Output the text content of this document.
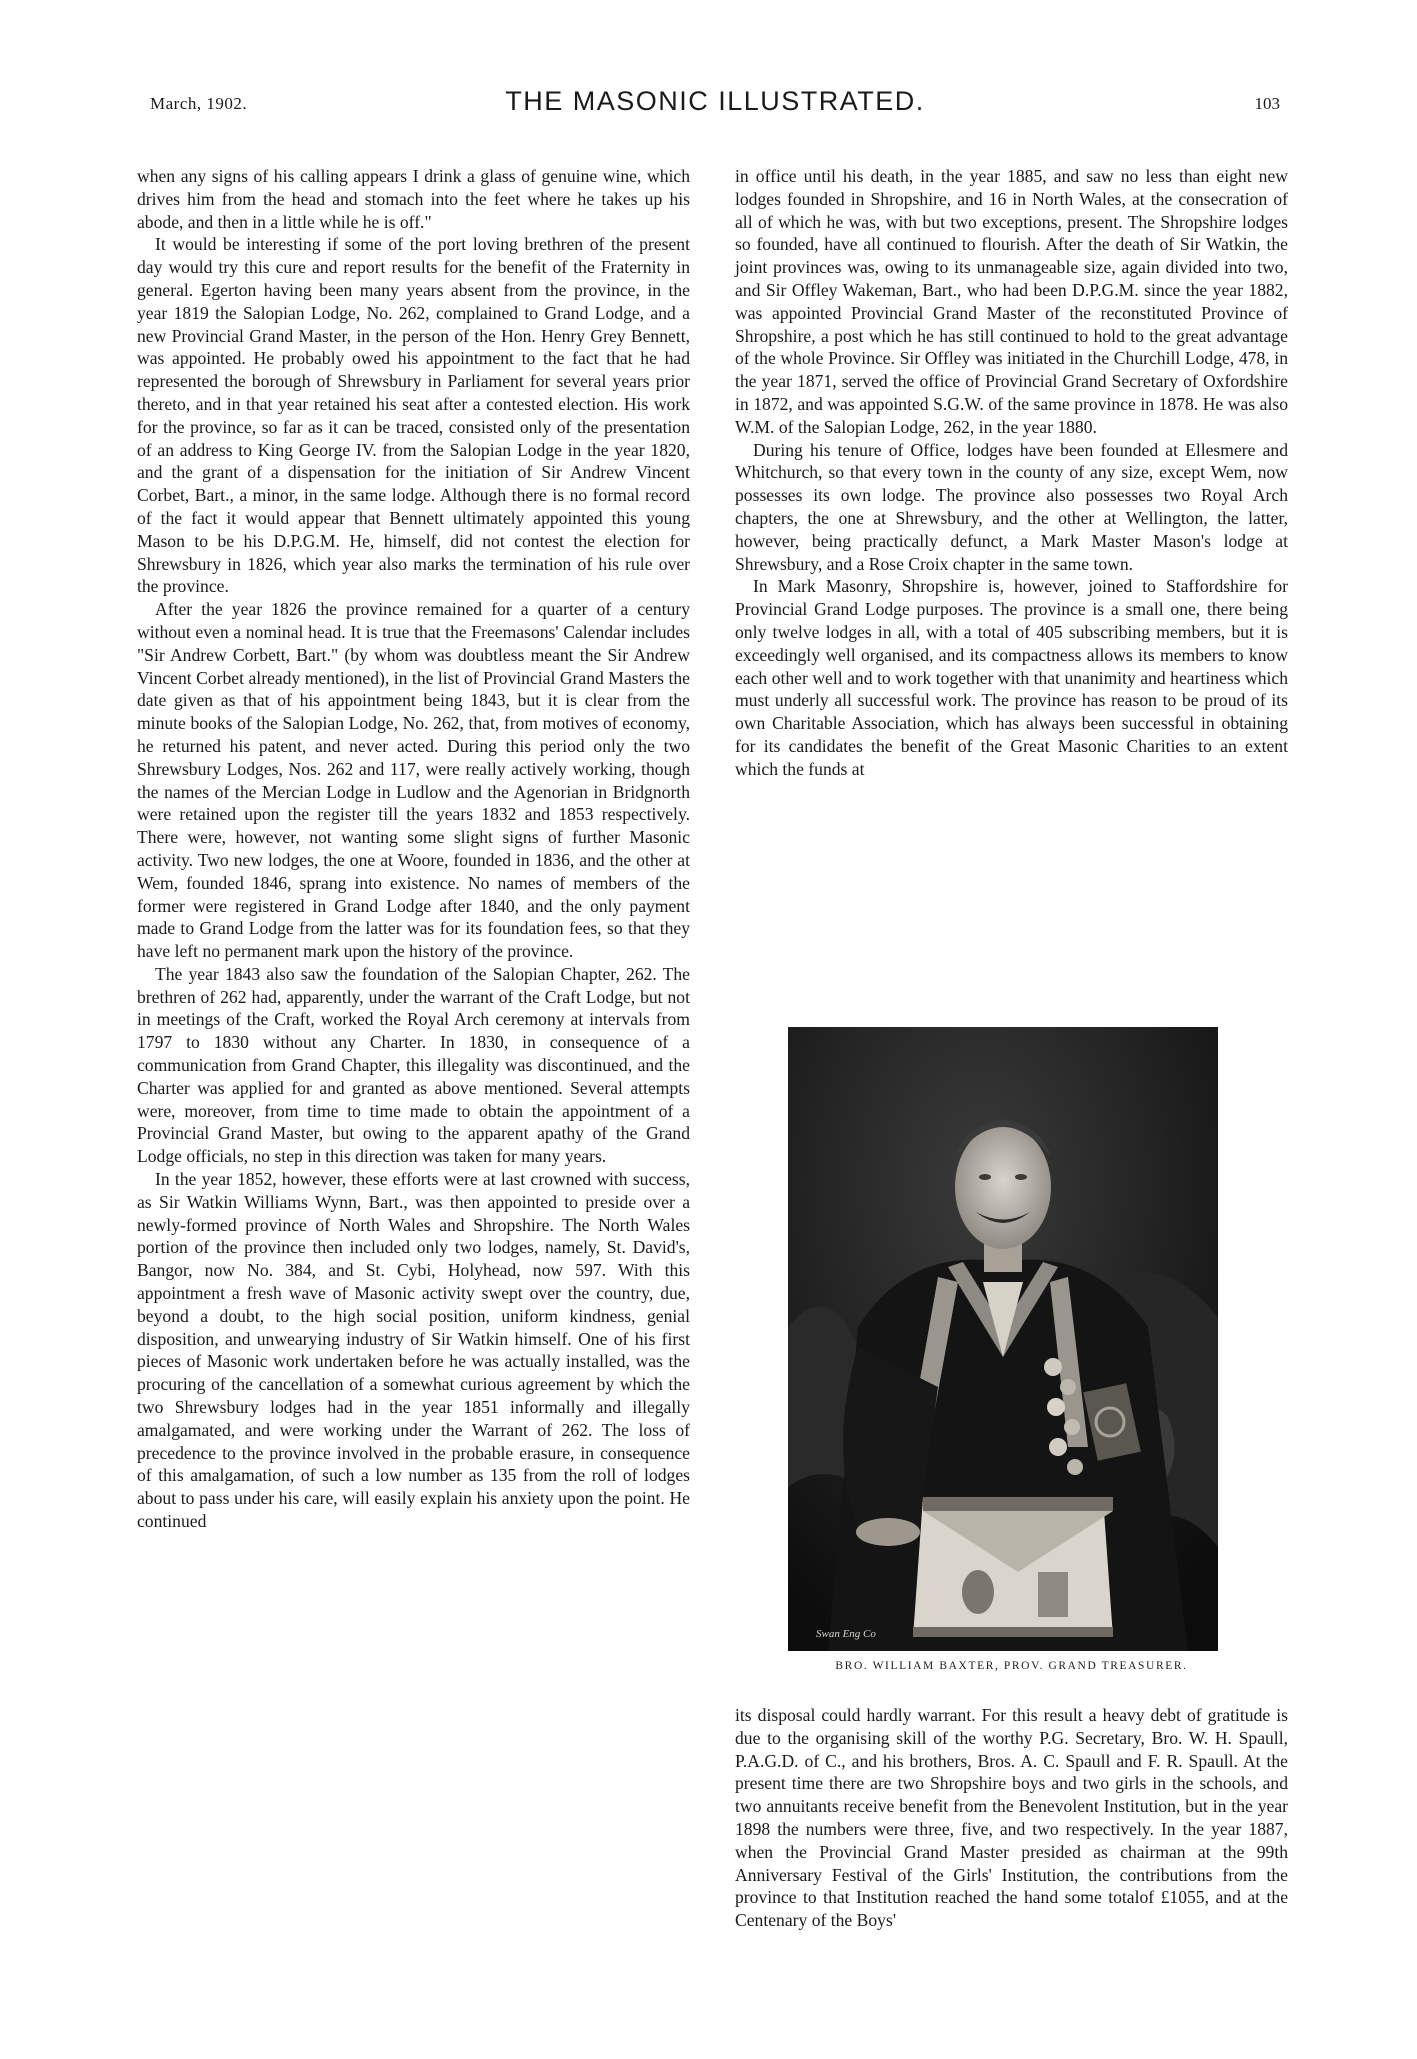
March, 1902.	THE MASONIC ILLUSTRATED.	103

when any signs of his calling appears I drink a glass of genuine wine, which drives him from the head and stomach into the feet where he takes up his abode, and then in a little while he is off."

It would be interesting if some of the port loving brethren of the present day would try this cure and report results for the benefit of the Fraternity in general. Egerton having been many years absent from the province, in the year 1819 the Salopian Lodge, No. 262, complained to Grand Lodge, and a new Provincial Grand Master, in the person of the Hon. Henry Grey Bennett, was appointed. He probably owed his appointment to the fact that he had represented the borough of Shrewsbury in Parliament for several years prior thereto, and in that year retained his seat after a contested election. His work for the province, so far as it can be traced, consisted only of the presentation of an address to King George IV. from the Salopian Lodge in the year 1820, and the grant of a dispensation for the initiation of Sir Andrew Vincent Corbet, Bart., a minor, in the same lodge. Although there is no formal record of the fact it would appear that Bennett ultimately appointed this young Mason to be his D.P.G.M. He, himself, did not contest the election for Shrewsbury in 1826, which year also marks the termination of his rule over the province.

After the year 1826 the province remained for a quarter of a century without even a nominal head. It is true that the Freemasons' Calendar includes "Sir Andrew Corbett, Bart." (by whom was doubtless meant the Sir Andrew Vincent Corbet already mentioned), in the list of Provincial Grand Masters the date given as that of his appointment being 1843, but it is clear from the minute books of the Salopian Lodge, No. 262, that, from motives of economy, he returned his patent, and never acted. During this period only the two Shrewsbury Lodges, Nos. 262 and 117, were really actively working, though the names of the Mercian Lodge in Ludlow and the Agenorian in Bridgnorth were retained upon the register till the years 1832 and 1853 respectively. There were, however, not wanting some slight signs of further Masonic activity. Two new lodges, the one at Woore, founded in 1836, and the other at Wem, founded 1846, sprang into existence. No names of members of the former were registered in Grand Lodge after 1840, and the only payment made to Grand Lodge from the latter was for its foundation fees, so that they have left no permanent mark upon the history of the province.

The year 1843 also saw the foundation of the Salopian Chapter, 262. The brethren of 262 had, apparently, under the warrant of the Craft Lodge, but not in meetings of the Craft, worked the Royal Arch ceremony at intervals from 1797 to 1830 without any Charter. In 1830, in consequence of a communication from Grand Chapter, this illegality was discontinued, and the Charter was applied for and granted as above mentioned. Several attempts were, moreover, from time to time made to obtain the appointment of a Provincial Grand Master, but owing to the apparent apathy of the Grand Lodge officials, no step in this direction was taken for many years.

In the year 1852, however, these efforts were at last crowned with success, as Sir Watkin Williams Wynn, Bart., was then appointed to preside over a newly-formed province of North Wales and Shropshire. The North Wales portion of the province then included only two lodges, namely, St. David's, Bangor, now No. 384, and St. Cybi, Holyhead, now 597. With this appointment a fresh wave of Masonic activity swept over the country, due, beyond a doubt, to the high social position, uniform kindness, genial disposition, and unwearying industry of Sir Watkin himself. One of his first pieces of Masonic work undertaken before he was actually installed, was the procuring of the cancellation of a somewhat curious agreement by which the two Shrewsbury lodges had in the year 1851 informally and illegally amalgamated, and were working under the Warrant of 262. The loss of precedence to the province involved in the probable erasure, in consequence of this amalgamation, of such a low number as 135 from the roll of lodges about to pass under his care, will easily explain his anxiety upon the point. He continued

in office until his death, in the year 1885, and saw no less than eight new lodges founded in Shropshire, and 16 in North Wales, at the consecration of all of which he was, with but two exceptions, present. The Shropshire lodges so founded, have all continued to flourish. After the death of Sir Watkin, the joint provinces was, owing to its unmanageable size, again divided into two, and Sir Offley Wakeman, Bart., who had been D.P.G.M. since the year 1882, was appointed Provincial Grand Master of the reconstituted Province of Shropshire, a post which he has still continued to hold to the great advantage of the whole Province. Sir Offley was initiated in the Churchill Lodge, 478, in the year 1871, served the office of Provincial Grand Secretary of Oxfordshire in 1872, and was appointed S.G.W. of the same province in 1878. He was also W.M. of the Salopian Lodge, 262, in the year 1880.

During his tenure of Office, lodges have been founded at Ellesmere and Whitchurch, so that every town in the county of any size, except Wem, now possesses its own lodge. The province also possesses two Royal Arch chapters, the one at Shrewsbury, and the other at Wellington, the latter, however, being practically defunct, a Mark Master Mason's lodge at Shrewsbury, and a Rose Croix chapter in the same town.

In Mark Masonry, Shropshire is, however, joined to Staffordshire for Provincial Grand Lodge purposes. The province is a small one, there being only twelve lodges in all, with a total of 405 subscribing members, but it is exceedingly well organised, and its compactness allows its members to know each other well and to work together with that unanimity and heartiness which must underly all successful work. The province has reason to be proud of its own Charitable Association, which has always been successful in obtaining for its candidates the benefit of the Great Masonic Charities to an extent which the funds at

Swan Eng Co
BRO. WILLIAM BAXTER, PROV. GRAND TREASURER.

its disposal could hardly warrant. For this result a heavy debt of gratitude is due to the organising skill of the worthy P.G. Secretary, Bro. W. H. Spaull, P.A.G.D. of C., and his brothers, Bros. A. C. Spaull and F. R. Spaull. At the present time there are two Shropshire boys and two girls in the schools, and two annuitants receive benefit from the Benevolent Institution, but in the year 1898 the numbers were three, five, and two respectively. In the year 1887, when the Provincial Grand Master presided as chairman at the 99th Anniversary Festival of the Girls' Institution, the contributions from the province to that Institution reached the hand some totalof £1055, and at the Centenary of the Boys'
